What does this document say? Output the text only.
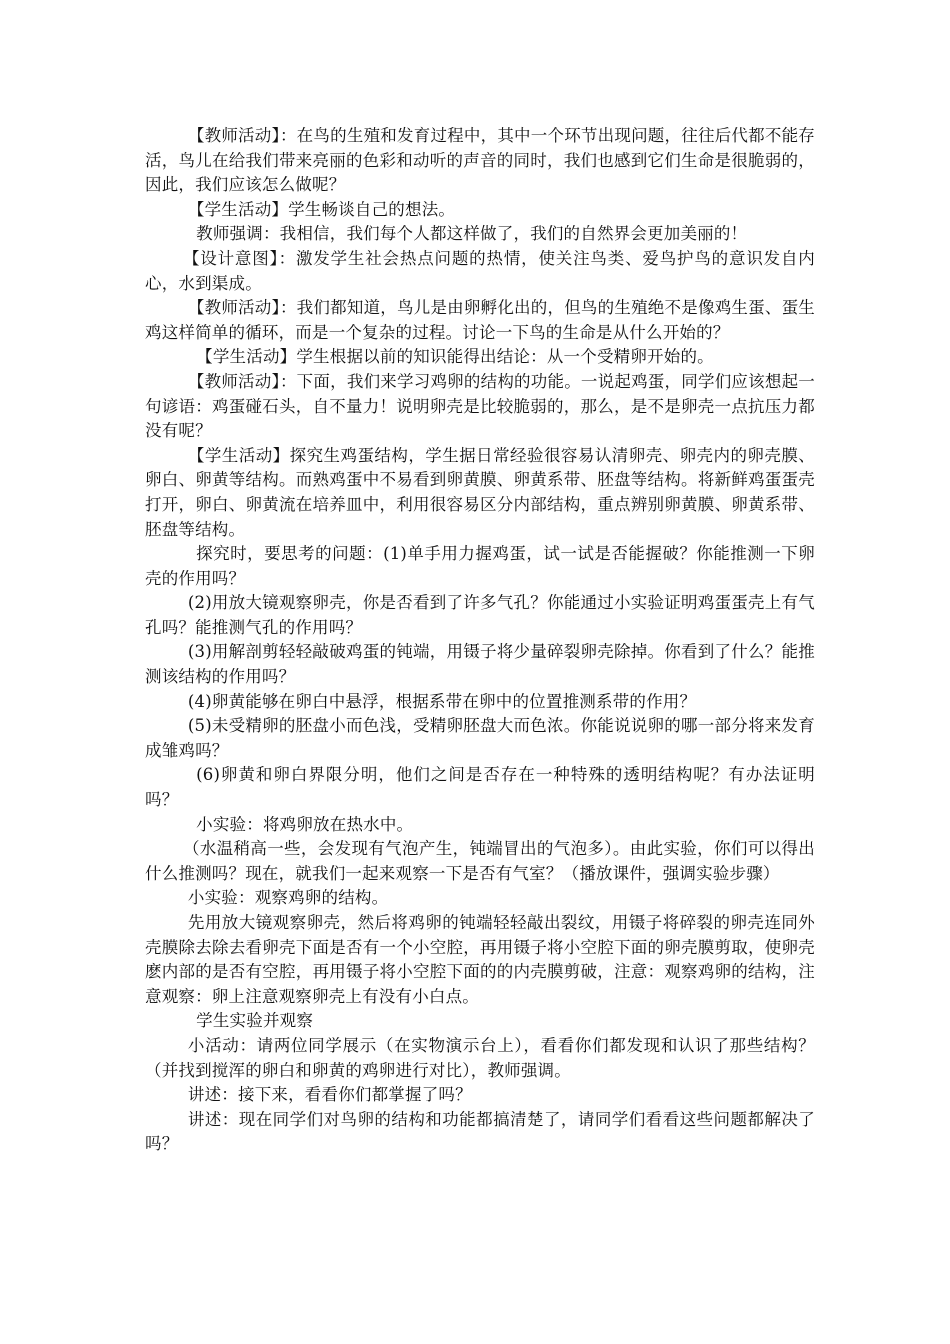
【教师活动】：在鸟的生殖和发育过程中，其中一个环节出现问题，往往后代都不能存活，鸟儿在给我们带来亮丽的色彩和动听的声音的同时，我们也感到它们生命是很脆弱的，因此，我们应该怎么做呢？

【学生活动】学生畅谈自己的想法。

教师强调：我相信，我们每个人都这样做了，我们的自然界会更加美丽的！

【设计意图】：激发学生社会热点问题的热情，使关注鸟类、爱鸟护鸟的意识发自内心，水到渠成。

【教师活动】：我们都知道，鸟儿是由卵孵化出的，但鸟的生殖绝不是像鸡生蛋、蛋生鸡这样简单的循环，而是一个复杂的过程。讨论一下鸟的生命是从什么开始的？

【学生活动】学生根据以前的知识能得出结论：从一个受精卵开始的。

【教师活动】：下面，我们来学习鸡卵的结构的功能。一说起鸡蛋，同学们应该想起一句谚语：鸡蛋碰石头，自不量力！说明卵壳是比较脆弱的，那么，是不是卵壳一点抗压力都没有呢？

【学生活动】探究生鸡蛋结构，学生据日常经验很容易认清卵壳、卵壳内的卵壳膜、卵白、卵黄等结构。而熟鸡蛋中不易看到卵黄膜、卵黄系带、胚盘等结构。将新鲜鸡蛋蛋壳打开，卵白、卵黄流在培养皿中，利用很容易区分内部结构，重点辨别卵黄膜、卵黄系带、胚盘等结构。

探究时，要思考的问题：(1)单手用力握鸡蛋，试一试是否能握破？你能推测一下卵壳的作用吗？

(2)用放大镜观察卵壳，你是否看到了许多气孔？你能通过小实验证明鸡蛋蛋壳上有气孔吗？能推测气孔的作用吗？

(3)用解剖剪轻轻敲破鸡蛋的钝端，用镊子将少量碎裂卵壳除掉。你看到了什么？能推测该结构的作用吗？

(4)卵黄能够在卵白中悬浮，根据系带在卵中的位置推测系带的作用？

(5)未受精卵的胚盘小而色浅，受精卵胚盘大而色浓。你能说说卵的哪一部分将来发育成雏鸡吗？

(6)卵黄和卵白界限分明，他们之间是否存在一种特殊的透明结构呢？有办法证明吗？

小实验：将鸡卵放在热水中。

（水温稍高一些，会发现有气泡产生，钝端冒出的气泡多）。由此实验，你们可以得出什么推测吗？现在，就我们一起来观察一下是否有气室？（播放课件，强调实验步骤）

小实验：观察鸡卵的结构。

先用放大镜观察卵壳，然后将鸡卵的钝端轻轻敲出裂纹，用镊子将碎裂的卵壳连同外壳膜除去除去看卵壳下面是否有一个小空腔，再用镊子将小空腔下面的卵壳膜剪取，使卵壳麽内部的是否有空腔，再用镊子将小空腔下面的的内壳膜剪破，注意：观察鸡卵的结构，注意观察：卵上注意观察卵壳上有没有小白点。

学生实验并观察

小活动：请两位同学展示（在实物演示台上），看看你们都发现和认识了那些结构？（并找到搅浑的卵白和卵黄的鸡卵进行对比），教师强调。

讲述：接下来，看看你们都掌握了吗？

讲述：现在同学们对鸟卵的结构和功能都搞清楚了，请同学们看看这些问题都解决了吗？
